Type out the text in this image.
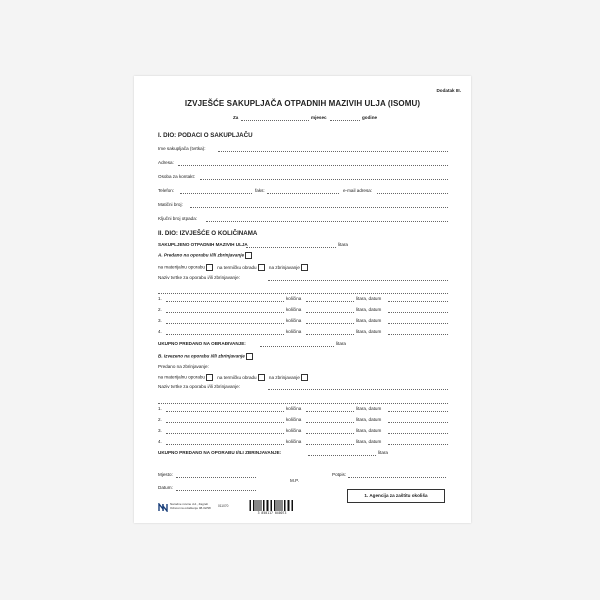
Dodatak III.
IZVJEŠĆE SAKUPLJAČA OTPADNIH MAZIVIH ULJA (ISOMU)
Za	mjesec	godine
I. DIO: PODACI O SAKUPLJAČU
Ime sakupljača (tvrtka):
Adresa:
Osoba za kontakt:
Telefon:	faks:	e-mail adresa:
Matični broj:
Ključni broj otpada:
II. DIO: IZVJEŠĆE O KOLIČINAMA
SAKUPLJENO OTPADNIH MAZIVIH ULJA	litara
A. Predano na oporabu i/ili zbrinjavanje
na materijalnu oporabu	na termičku obradu	na zbrinjavanje
Naziv tvrtke za oporabu i/ili zbrinjavanje:
1.	količina	litara, datum
2.	količina	litara, datum
3.	količina	litara, datum
4.	količina	litara, datum
UKUPNO PREDANO NA OBRAĐIVANJE:	litara
B. Izvezeno na oporabu i/ili zbrinjavanje
Predano na zbrinjavanje:
na materijalnu oporabu	na termičku obradu	na zbrinjavanje
Naziv tvrtke za oporabu i/ili zbrinjavanje:
1.	količina	litara, datum
2.	količina	litara, datum
3.	količina	litara, datum
4.	količina	litara, datum
UKUPNO PREDANO NA OPORABU I/ILI ZBRINJAVANJE:	litara
Mjesto:
M.P.
Potpis:
Datum:
1. Agencija za zaštitu okoliša
Narodne novine d.d., Zagreb
Odnosi na ovlaštenje 08-02/98 011070
3 850117 040073
